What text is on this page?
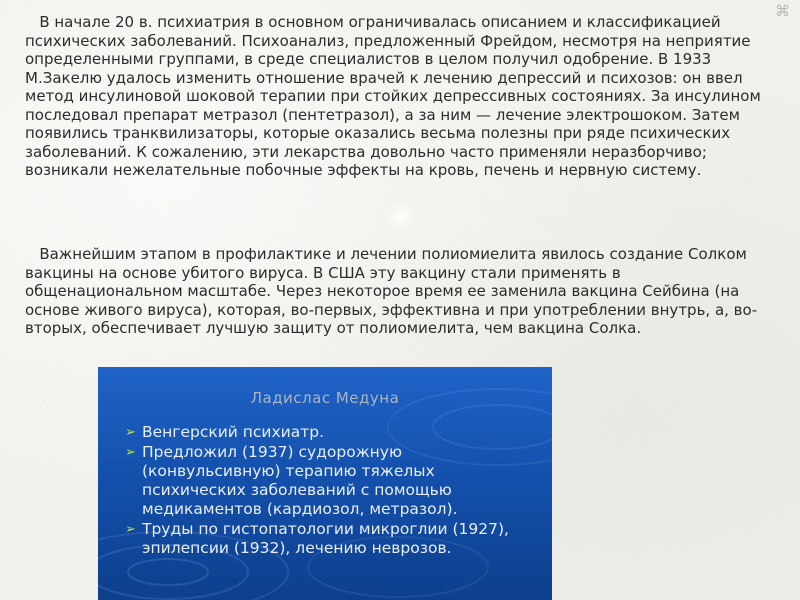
⌘

В начале 20 в. психиатрия в основном ограничивалась описанием и классификацией психических заболеваний. Психоанализ, предложенный Фрейдом, несмотря на неприятие определенными группами, в среде специалистов в целом получил одобрение. В 1933 М.Закелю удалось изменить отношение врачей к лечению депрессий и психозов: он ввел метод инсулиновой шоковой терапии при стойких депрессивных состояниях. За инсулином последовал препарат метразол (пентетразол), а за ним — лечение электрошоком. Затем появились транквилизаторы, которые оказались весьма полезны при ряде психических заболеваний. К сожалению, эти лекарства довольно часто применяли неразборчиво; возникали нежелательные побочные эффекты на кровь, печень и нервную систему.

Важнейшим этапом в профилактике и лечении полиомиелита явилось создание Солком вакцины на основе убитого вируса. В США эту вакцину стали применять в общенациональном масштабе. Через некоторое время ее заменила вакцина Сейбина (на основе живого вируса), которая, во-первых, эффективна и при употреблении внутрь, а, во-вторых, обеспечивает лучшую защиту от полиомиелита, чем вакцина Солка.

Ладислас Медуна
➢ Венгерский психиатр.
➢ Предложил (1937) судорожную (конвульсивную) терапию тяжелых психических заболеваний с помощью медикаментов (кардиозол, метразол).
➢ Труды по гистопатологии микроглии (1927), эпилепсии (1932), лечению неврозов.
